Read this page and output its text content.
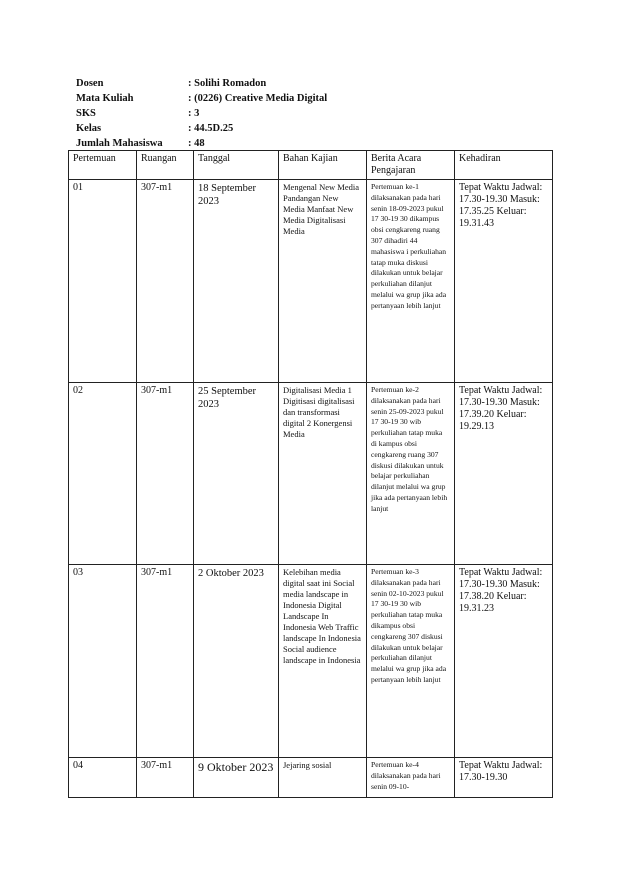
Dosen	: Solihi Romadon
Mata Kuliah	: (0226) Creative Media Digital
SKS	: 3
Kelas	: 44.5D.25
Jumlah Mahasiswa : 48
Pertemuan	Ruangan	Tanggal	Bahan Kajian	Berita Acara Pengajaran	Kehadiran
01	307-m1	18 September 2023	Mengenal New Media Pandangan New Media Manfaat New Media Digitalisasi Media	Pertemuan ke-1 dilaksanakan pada hari senin 18-09-2023 pukul 17 30-19 30 dikampus obsi cengkareng ruang 307 dihadiri 44 mahasiswa i perkuliahan tatap muka diskusi dilakukan untuk belajar perkuliahan dilanjut melalui wa grup jika ada pertanyaan lebih lanjut	Tepat Waktu Jadwal: 17.30-19.30 Masuk: 17.35.25 Keluar: 19.31.43
02	307-m1	25 September 2023	Digitalisasi Media 1 Digitisasi digitalisasi dan transformasi digital 2 Konergensi Media	Pertemuan ke-2 dilaksanakan pada hari senin 25-09-2023 pukul 17 30-19 30 wib perkuliahan tatap muka di kampus obsi cengkareng ruang 307 diskusi dilakukan untuk belajar perkuliahan dilanjut melalui wa grup jika ada pertanyaan lebih lanjut	Tepat Waktu Jadwal: 17.30-19.30 Masuk: 17.39.20 Keluar: 19.29.13
03	307-m1	2 Oktober 2023	Kelebihan media digital saat ini Social media landscape in Indonesia Digital Landscape In Indonesia Web Traffic landscape In Indonesia Social audience landscape in Indonesia	Pertemuan ke-3 dilaksanakan pada hari senin 02-10-2023 pukul 17 30-19 30 wib perkuliahan tatap muka dikampus obsi cengkareng 307 diskusi dilakukan untuk belajar perkuliahan dilanjut melalui wa grup jika ada pertanyaan lebih lanjut	Tepat Waktu Jadwal: 17.30-19.30 Masuk: 17.38.20 Keluar: 19.31.23
04	307-m1	9 Oktober 2023	Jejaring sosial	Pertemuan ke-4 dilaksanakan pada hari senin 09-10-	Tepat Waktu Jadwal: 17.30-19.30
